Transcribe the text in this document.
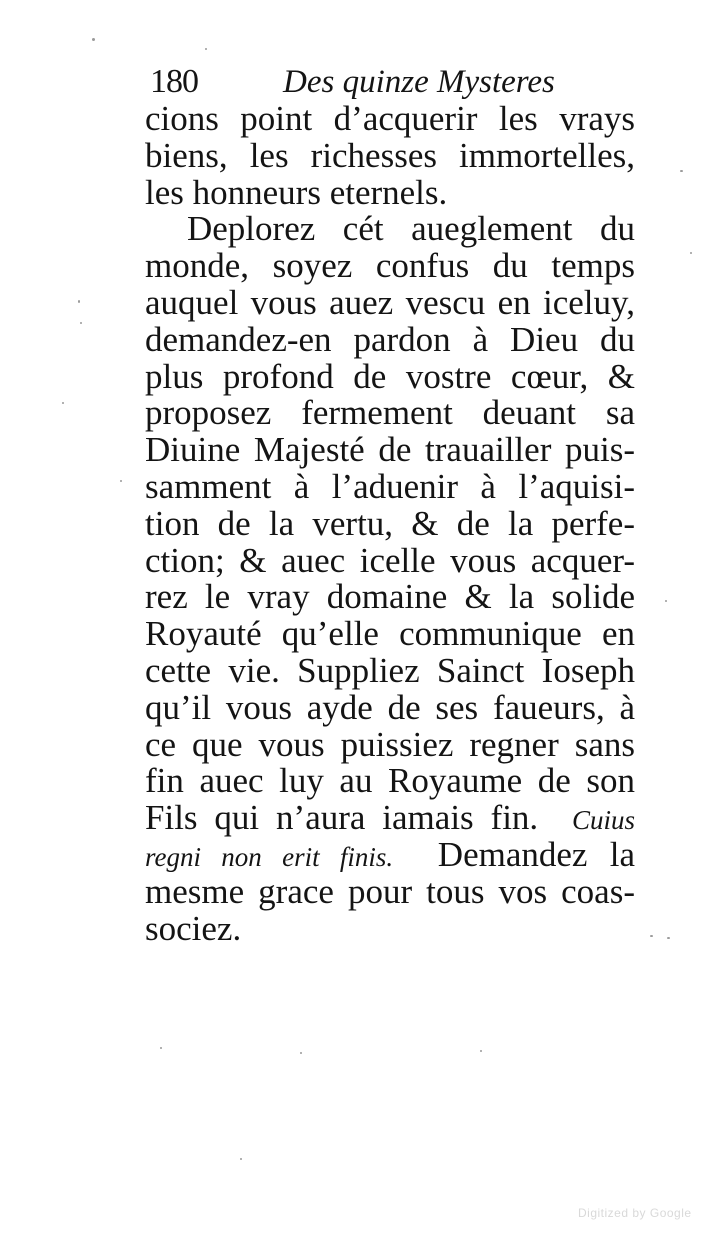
180	Des quinze Mysteres
cions point d’acquerir les vrays
biens, les richesses immortelles,
les honneurs eternels.
Deplorez cét aueglement du
monde, soyez confus du temps
auquel vous auez vescu en iceluy,
demandez-en pardon à Dieu du
plus profond de vostre cœur, &
proposez fermement deuant sa
Diuine Majesté de trauailler puis-
samment à l’aduenir à l’aquisi-
tion de la vertu, & de la perfe-
ction; & auec icelle vous acquer-
rez le vray domaine & la solide
Royauté qu’elle communique en
cette vie. Suppliez Sainct Ioseph
qu’il vous ayde de ses faueurs, à
ce que vous puissiez regner sans
fin auec luy au Royaume de son
Fils qui n’aura iamais fin. Cuius
regni non erit finis. Demandez la
mesme grace pour tous vos coas-
sociez.
Digitized by Google
